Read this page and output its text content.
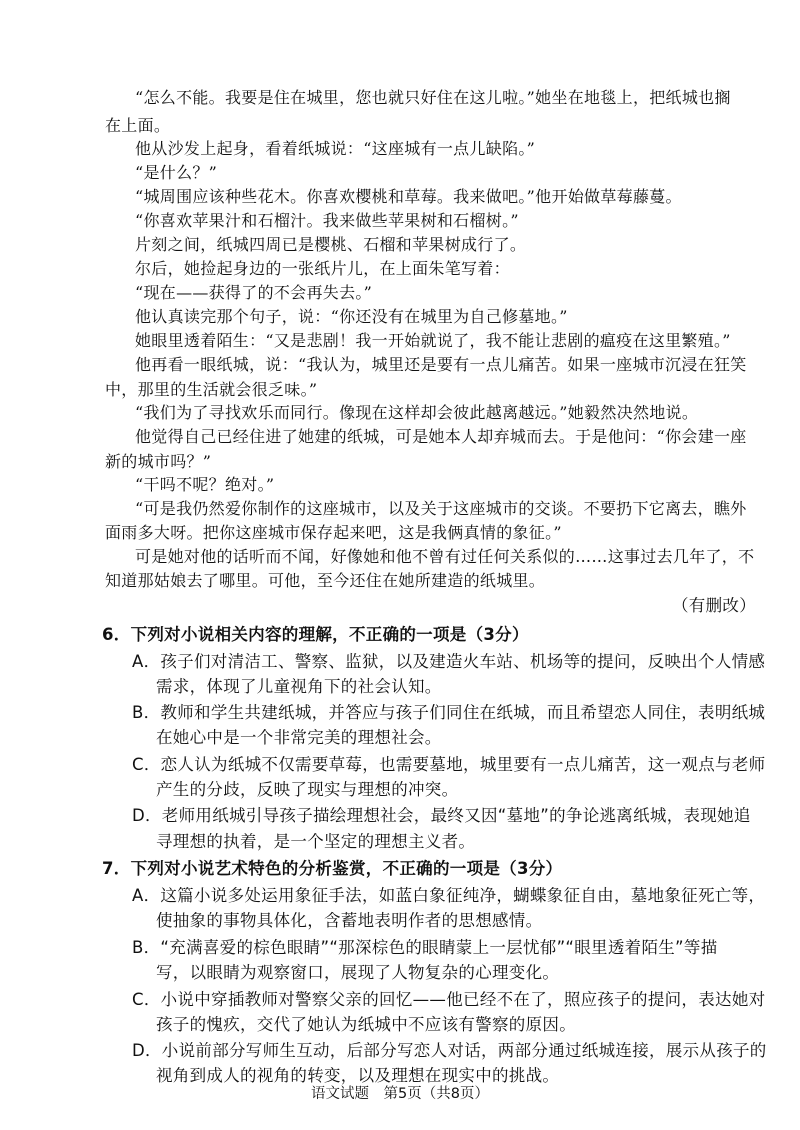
“怎么不能。我要是住在城里，您也就只好住在这儿啦。”她坐在地毯上，把纸城也搁
在上面。
他从沙发上起身，看着纸城说：“这座城有一点儿缺陷。”
“是什么？”
“城周围应该种些花木。你喜欢樱桃和草莓。我来做吧。”他开始做草莓藤蔓。
“你喜欢苹果汁和石榴汁。我来做些苹果树和石榴树。”
片刻之间，纸城四周已是樱桃、石榴和苹果树成行了。
尔后，她捡起身边的一张纸片儿，在上面朱笔写着：
“现在——获得了的不会再失去。”
他认真读完那个句子，说：“你还没有在城里为自己修墓地。”
她眼里透着陌生：“又是悲剧！我一开始就说了，我不能让悲剧的瘟疫在这里繁殖。”
他再看一眼纸城，说：“我认为，城里还是要有一点儿痛苦。如果一座城市沉浸在狂笑
中，那里的生活就会很乏味。”
“我们为了寻找欢乐而同行。像现在这样却会彼此越离越远。”她毅然决然地说。
他觉得自己已经住进了她建的纸城，可是她本人却弃城而去。于是他问：“你会建一座
新的城市吗？”
“干吗不呢？绝对。”
“可是我仍然爱你制作的这座城市，以及关于这座城市的交谈。不要扔下它离去，瞧外
面雨多大呀。把你这座城市保存起来吧，这是我俩真情的象征。”
可是她对他的话听而不闻，好像她和他不曾有过任何关系似的……这事过去几年了，不
知道那姑娘去了哪里。可他，至今还住在她所建造的纸城里。
（有删改）
6．下列对小说相关内容的理解，不正确的一项是（3分）
A．孩子们对清洁工、警察、监狱，以及建造火车站、机场等的提问，反映出个人情感
需求，体现了儿童视角下的社会认知。
B．教师和学生共建纸城，并答应与孩子们同住在纸城，而且希望恋人同住，表明纸城
在她心中是一个非常完美的理想社会。
C．恋人认为纸城不仅需要草莓，也需要墓地，城里要有一点儿痛苦，这一观点与老师
产生的分歧，反映了现实与理想的冲突。
D．老师用纸城引导孩子描绘理想社会，最终又因“墓地”的争论逃离纸城，表现她追
寻理想的执着，是一个坚定的理想主义者。
7．下列对小说艺术特色的分析鉴赏，不正确的一项是（3分）
A．这篇小说多处运用象征手法，如蓝白象征纯净，蝴蝶象征自由，墓地象征死亡等，
使抽象的事物具体化，含蓄地表明作者的思想感情。
B．“充满喜爱的棕色眼睛”“那深棕色的眼睛蒙上一层忧郁”“眼里透着陌生”等描
写，以眼睛为观察窗口，展现了人物复杂的心理变化。
C．小说中穿插教师对警察父亲的回忆——他已经不在了，照应孩子的提问，表达她对
孩子的愧疚，交代了她认为纸城中不应该有警察的原因。
D．小说前部分写师生互动，后部分写恋人对话，两部分通过纸城连接，展示从孩子的
视角到成人的视角的转变，以及理想在现实中的挑战。
语文试题　第5页（共8页）
